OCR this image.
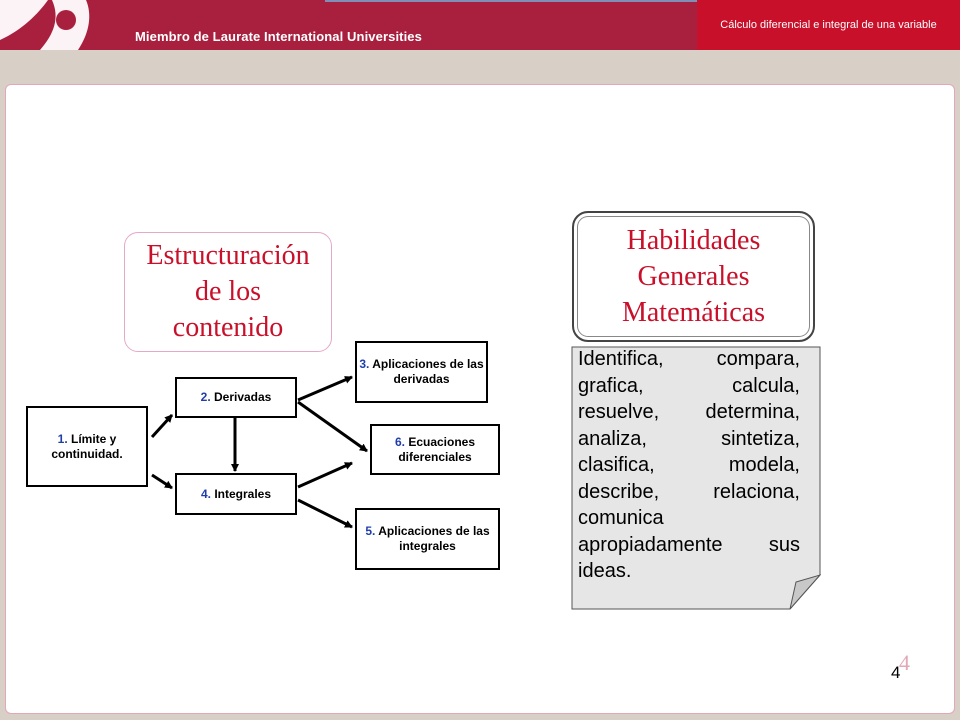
Miembro de Laurate International Universities
Cálculo diferencial e integral de una variable
Estructuración
de los
contenido
Habilidades
Generales
Matemáticas
1. Límite y continuidad.
2. Derivadas
3. Aplicaciones de las derivadas
4. Integrales
5. Aplicaciones de las integrales
6. Ecuaciones diferenciales
Identifica, compara, grafica, calcula, resuelve, determina, analiza, sintetiza, clasifica, modela, describe, relaciona, comunica apropiadamente sus ideas.
4
4
